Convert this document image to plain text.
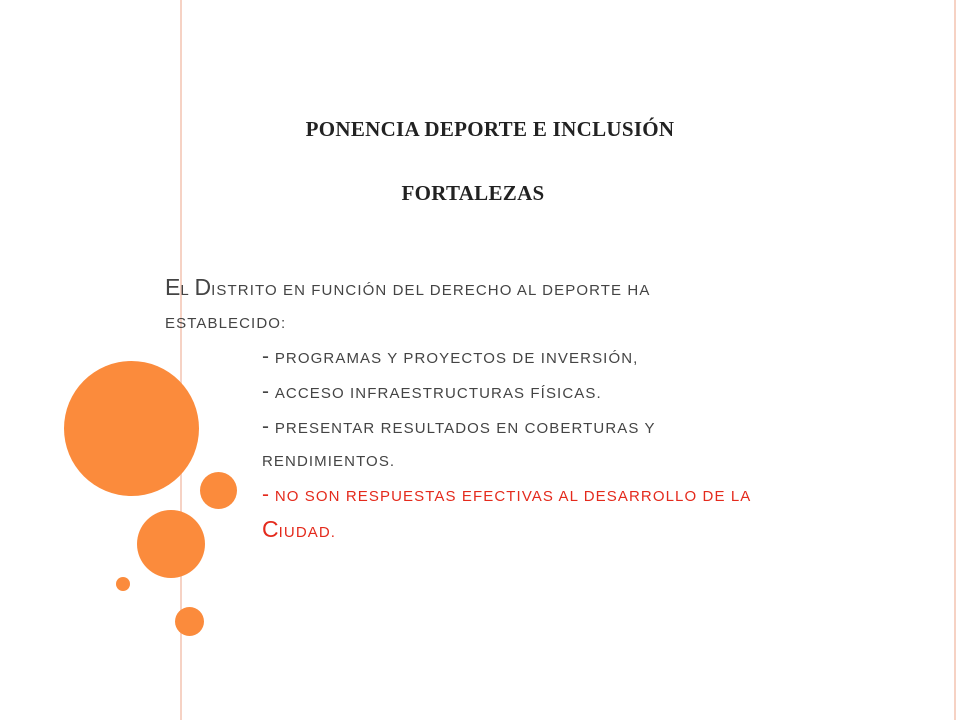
PONENCIA DEPORTE E INCLUSIÓN
FORTALEZAS
EL DISTRITO EN FUNCIÓN DEL DERECHO AL DEPORTE HA
ESTABLECIDO:
- PROGRAMAS Y PROYECTOS DE INVERSIÓN,
- ACCESO INFRAESTRUCTURAS FÍSICAS.
- PRESENTAR RESULTADOS EN COBERTURAS Y
RENDIMIENTOS.
- NO SON RESPUESTAS EFECTIVAS AL DESARROLLO DE LA
CIUDAD.
